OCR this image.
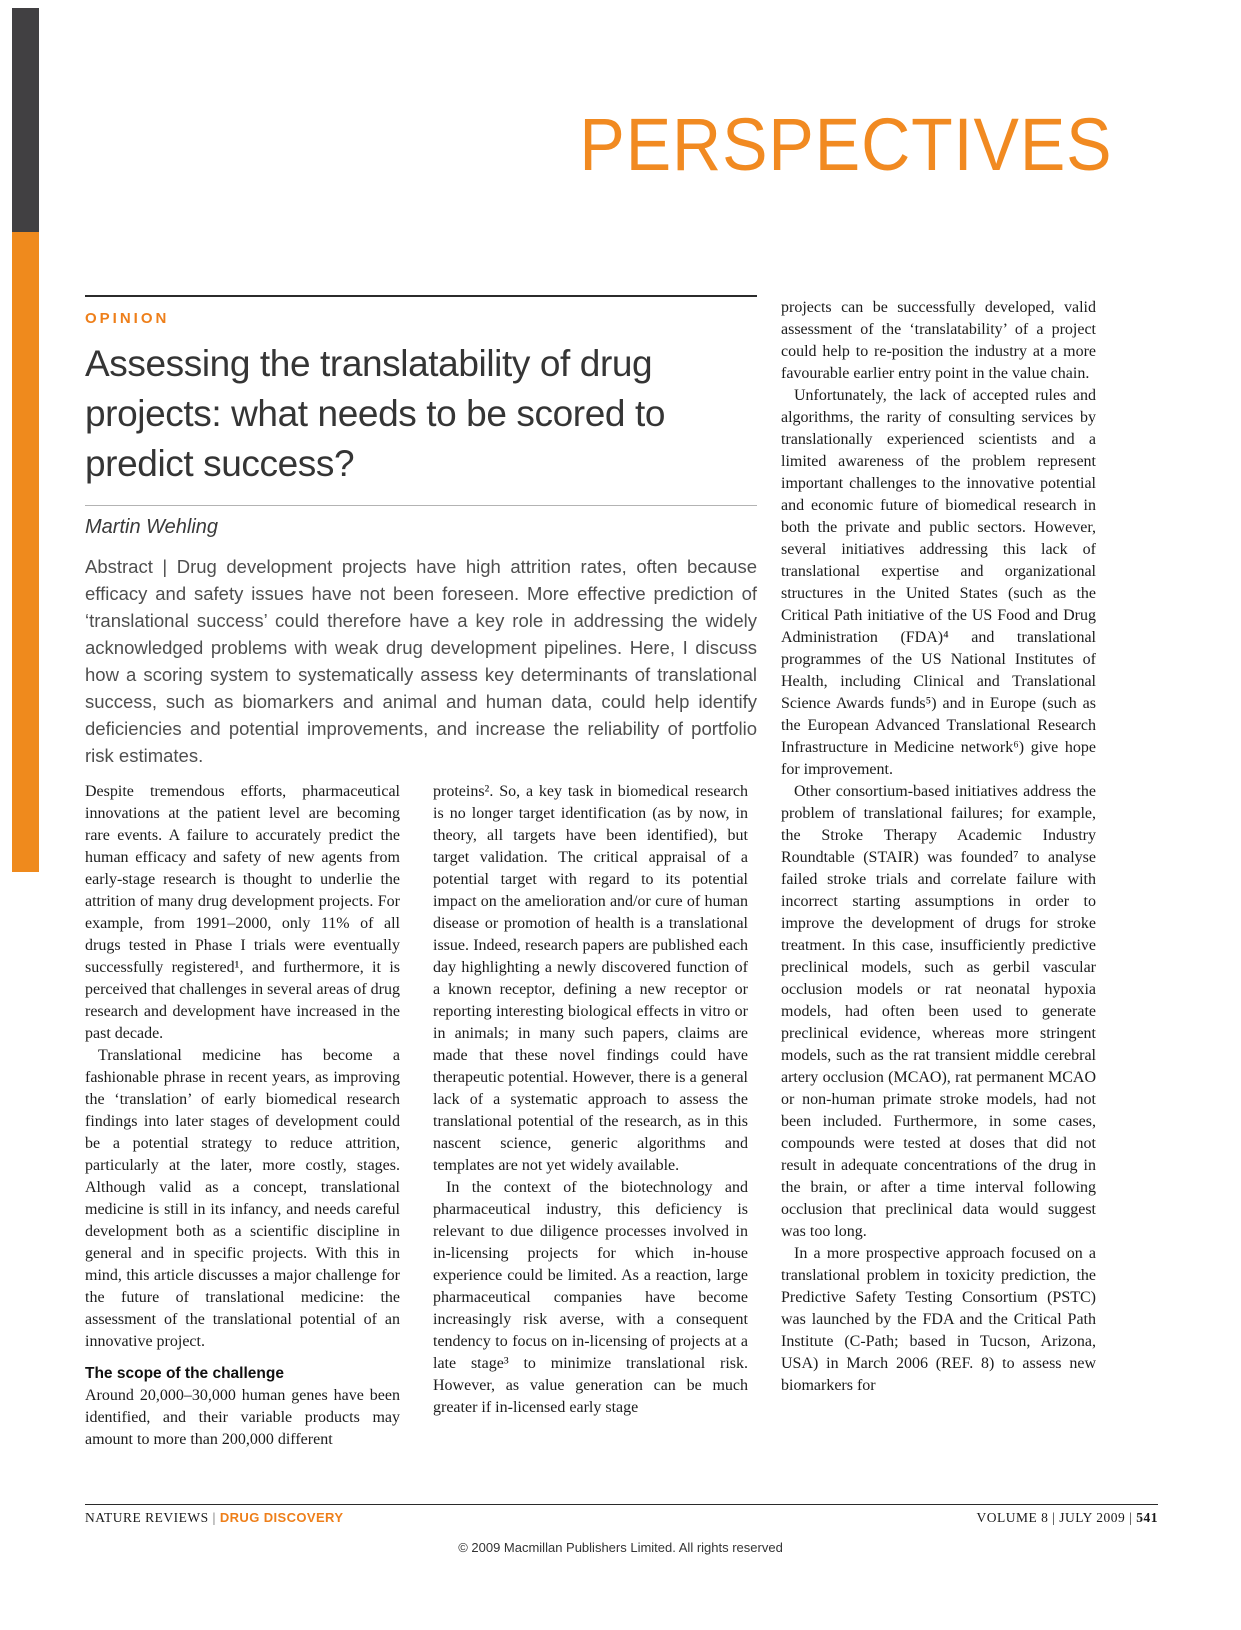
PERSPECTIVES
OPINION
Assessing the translatability of drug projects: what needs to be scored to predict success?
Martin Wehling

Abstract | Drug development projects have high attrition rates, often because efficacy and safety issues have not been foreseen. More effective prediction of ‘translational success’ could therefore have a key role in addressing the widely acknowledged problems with weak drug development pipelines. Here, I discuss how a scoring system to systematically assess key determinants of translational success, such as biomarkers and animal and human data, could help identify deficiencies and potential improvements, and increase the reliability of portfolio risk estimates.

Despite tremendous efforts, pharmaceutical innovations at the patient level are becoming rare events. A failure to accurately predict the human efficacy and safety of new agents from early-stage research is thought to underlie the attrition of many drug development projects. For example, from 1991–2000, only 11% of all drugs tested in Phase I trials were eventually successfully registered¹, and furthermore, it is perceived that challenges in several areas of drug research and development have increased in the past decade.

Translational medicine has become a fashionable phrase in recent years, as improving the ‘translation’ of early biomedical research findings into later stages of development could be a potential strategy to reduce attrition, particularly at the later, more costly, stages. Although valid as a concept, translational medicine is still in its infancy, and needs careful development both as a scientific discipline in general and in specific projects. With this in mind, this article discusses a major challenge for the future of translational medicine: the assessment of the translational potential of an innovative project.

The scope of the challenge

Around 20,000–30,000 human genes have been identified, and their variable products may amount to more than 200,000 different

proteins². So, a key task in biomedical research is no longer target identification (as by now, in theory, all targets have been identified), but target validation. The critical appraisal of a potential target with regard to its potential impact on the amelioration and/or cure of human disease or promotion of health is a translational issue. Indeed, research papers are published each day highlighting a newly discovered function of a known receptor, defining a new receptor or reporting interesting biological effects in vitro or in animals; in many such papers, claims are made that these novel findings could have therapeutic potential. However, there is a general lack of a systematic approach to assess the translational potential of the research, as in this nascent science, generic algorithms and templates are not yet widely available.

In the context of the biotechnology and pharmaceutical industry, this deficiency is relevant to due diligence processes involved in in-licensing projects for which in-house experience could be limited. As a reaction, large pharmaceutical companies have become increasingly risk averse, with a consequent tendency to focus on in-licensing of projects at a late stage³ to minimize translational risk. However, as value generation can be much greater if in-licensed early stage

projects can be successfully developed, valid assessment of the ‘translatability’ of a project could help to re-position the industry at a more favourable earlier entry point in the value chain.

Unfortunately, the lack of accepted rules and algorithms, the rarity of consulting services by translationally experienced scientists and a limited awareness of the problem represent important challenges to the innovative potential and economic future of biomedical research in both the private and public sectors. However, several initiatives addressing this lack of translational expertise and organizational structures in the United States (such as the Critical Path initiative of the US Food and Drug Administration (FDA)⁴ and translational programmes of the US National Institutes of Health, including Clinical and Translational Science Awards funds⁵) and in Europe (such as the European Advanced Translational Research Infrastructure in Medicine network⁶) give hope for improvement.

Other consortium-based initiatives address the problem of translational failures; for example, the Stroke Therapy Academic Industry Roundtable (STAIR) was founded⁷ to analyse failed stroke trials and correlate failure with incorrect starting assumptions in order to improve the development of drugs for stroke treatment. In this case, insufficiently predictive preclinical models, such as gerbil vascular occlusion models or rat neonatal hypoxia models, had often been used to generate preclinical evidence, whereas more stringent models, such as the rat transient middle cerebral artery occlusion (MCAO), rat permanent MCAO or non-human primate stroke models, had not been included. Furthermore, in some cases, compounds were tested at doses that did not result in adequate concentrations of the drug in the brain, or after a time interval following occlusion that preclinical data would suggest was too long.

In a more prospective approach focused on a translational problem in toxicity prediction, the Predictive Safety Testing Consortium (PSTC) was launched by the FDA and the Critical Path Institute (C-Path; based in Tucson, Arizona, USA) in March 2006 (REF. 8) to assess new biomarkers for

NATURE REVIEWS | DRUG DISCOVERY	VOLUME 8 | JULY 2009 | 541
© 2009 Macmillan Publishers Limited. All rights reserved
